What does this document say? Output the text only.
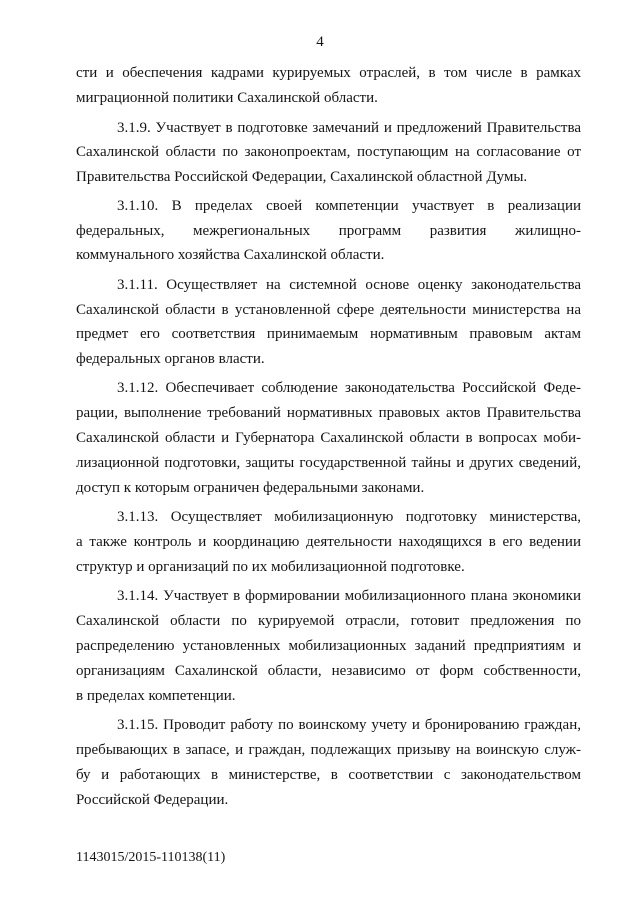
4
сти и обеспечения кадрами курируемых отраслей, в том числе в рамках
миграционной политики Сахалинской области.
3.1.9. Участвует в подготовке замечаний и предложений Правительства
Сахалинской области по законопроектам, поступающим на согласование от
Правительства Российской Федерации, Сахалинской областной Думы.
3.1.10. В пределах своей компетенции участвует в реализации
федеральных, межрегиональных программ развития жилищно-
коммунального хозяйства Сахалинской области.
3.1.11. Осуществляет на системной основе оценку законодательства
Сахалинской области в установленной сфере деятельности министерства на
предмет его соответствия принимаемым нормативным правовым актам
федеральных органов власти.
3.1.12. Обеспечивает соблюдение законодательства Российской Феде-
рации, выполнение требований нормативных правовых актов Правительства
Сахалинской области и Губернатора Сахалинской области в вопросах моби-
лизационной подготовки, защиты государственной тайны и других сведений,
доступ к которым ограничен федеральными законами.
3.1.13. Осуществляет мобилизационную подготовку министерства,
а также контроль и координацию деятельности находящихся в его ведении
структур и организаций по их мобилизационной подготовке.
3.1.14. Участвует в формировании мобилизационного плана экономики
Сахалинской области по курируемой отрасли, готовит предложения по
распределению установленных мобилизационных заданий предприятиям и
организациям Сахалинской области, независимо от форм собственности,
в пределах компетенции.
3.1.15. Проводит работу по воинскому учету и бронированию граждан,
пребывающих в запасе, и граждан, подлежащих призыву на воинскую служ-
бу и работающих в министерстве, в соответствии с законодательством
Российской Федерации.
1143015/2015-110138(11)
